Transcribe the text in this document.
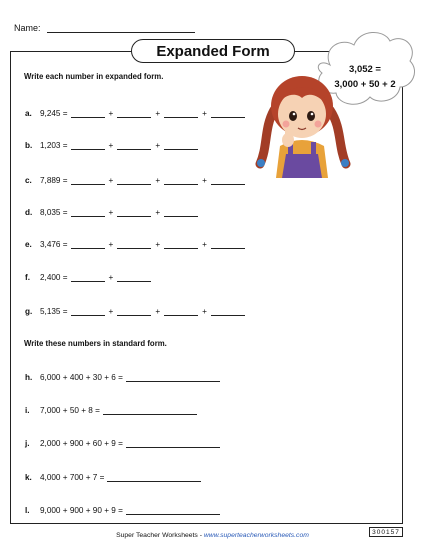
Name:
Expanded Form
3,052 =
3,000 + 50 + 2
Write each number in expanded form.
a. 9,245 =	+	+	+
b. 1,203 =	+	+
c. 7,889 =	+	+	+
d. 8,035 =	+	+
e. 3,476 =	+	+	+
f.	2,400 =	+
g. 5,135 =	+	+	+
Write these numbers in standard form.
h. 6,000 + 400 + 30 + 6 =
i.	7,000 + 50 + 8 =
j.	2,000 + 900 + 60 + 9 =
k. 4,000 + 700 + 7 =
l.	9,000 + 900 + 90 + 9 =
Super Teacher Worksheets - www.superteacherworksheets.com	300157
